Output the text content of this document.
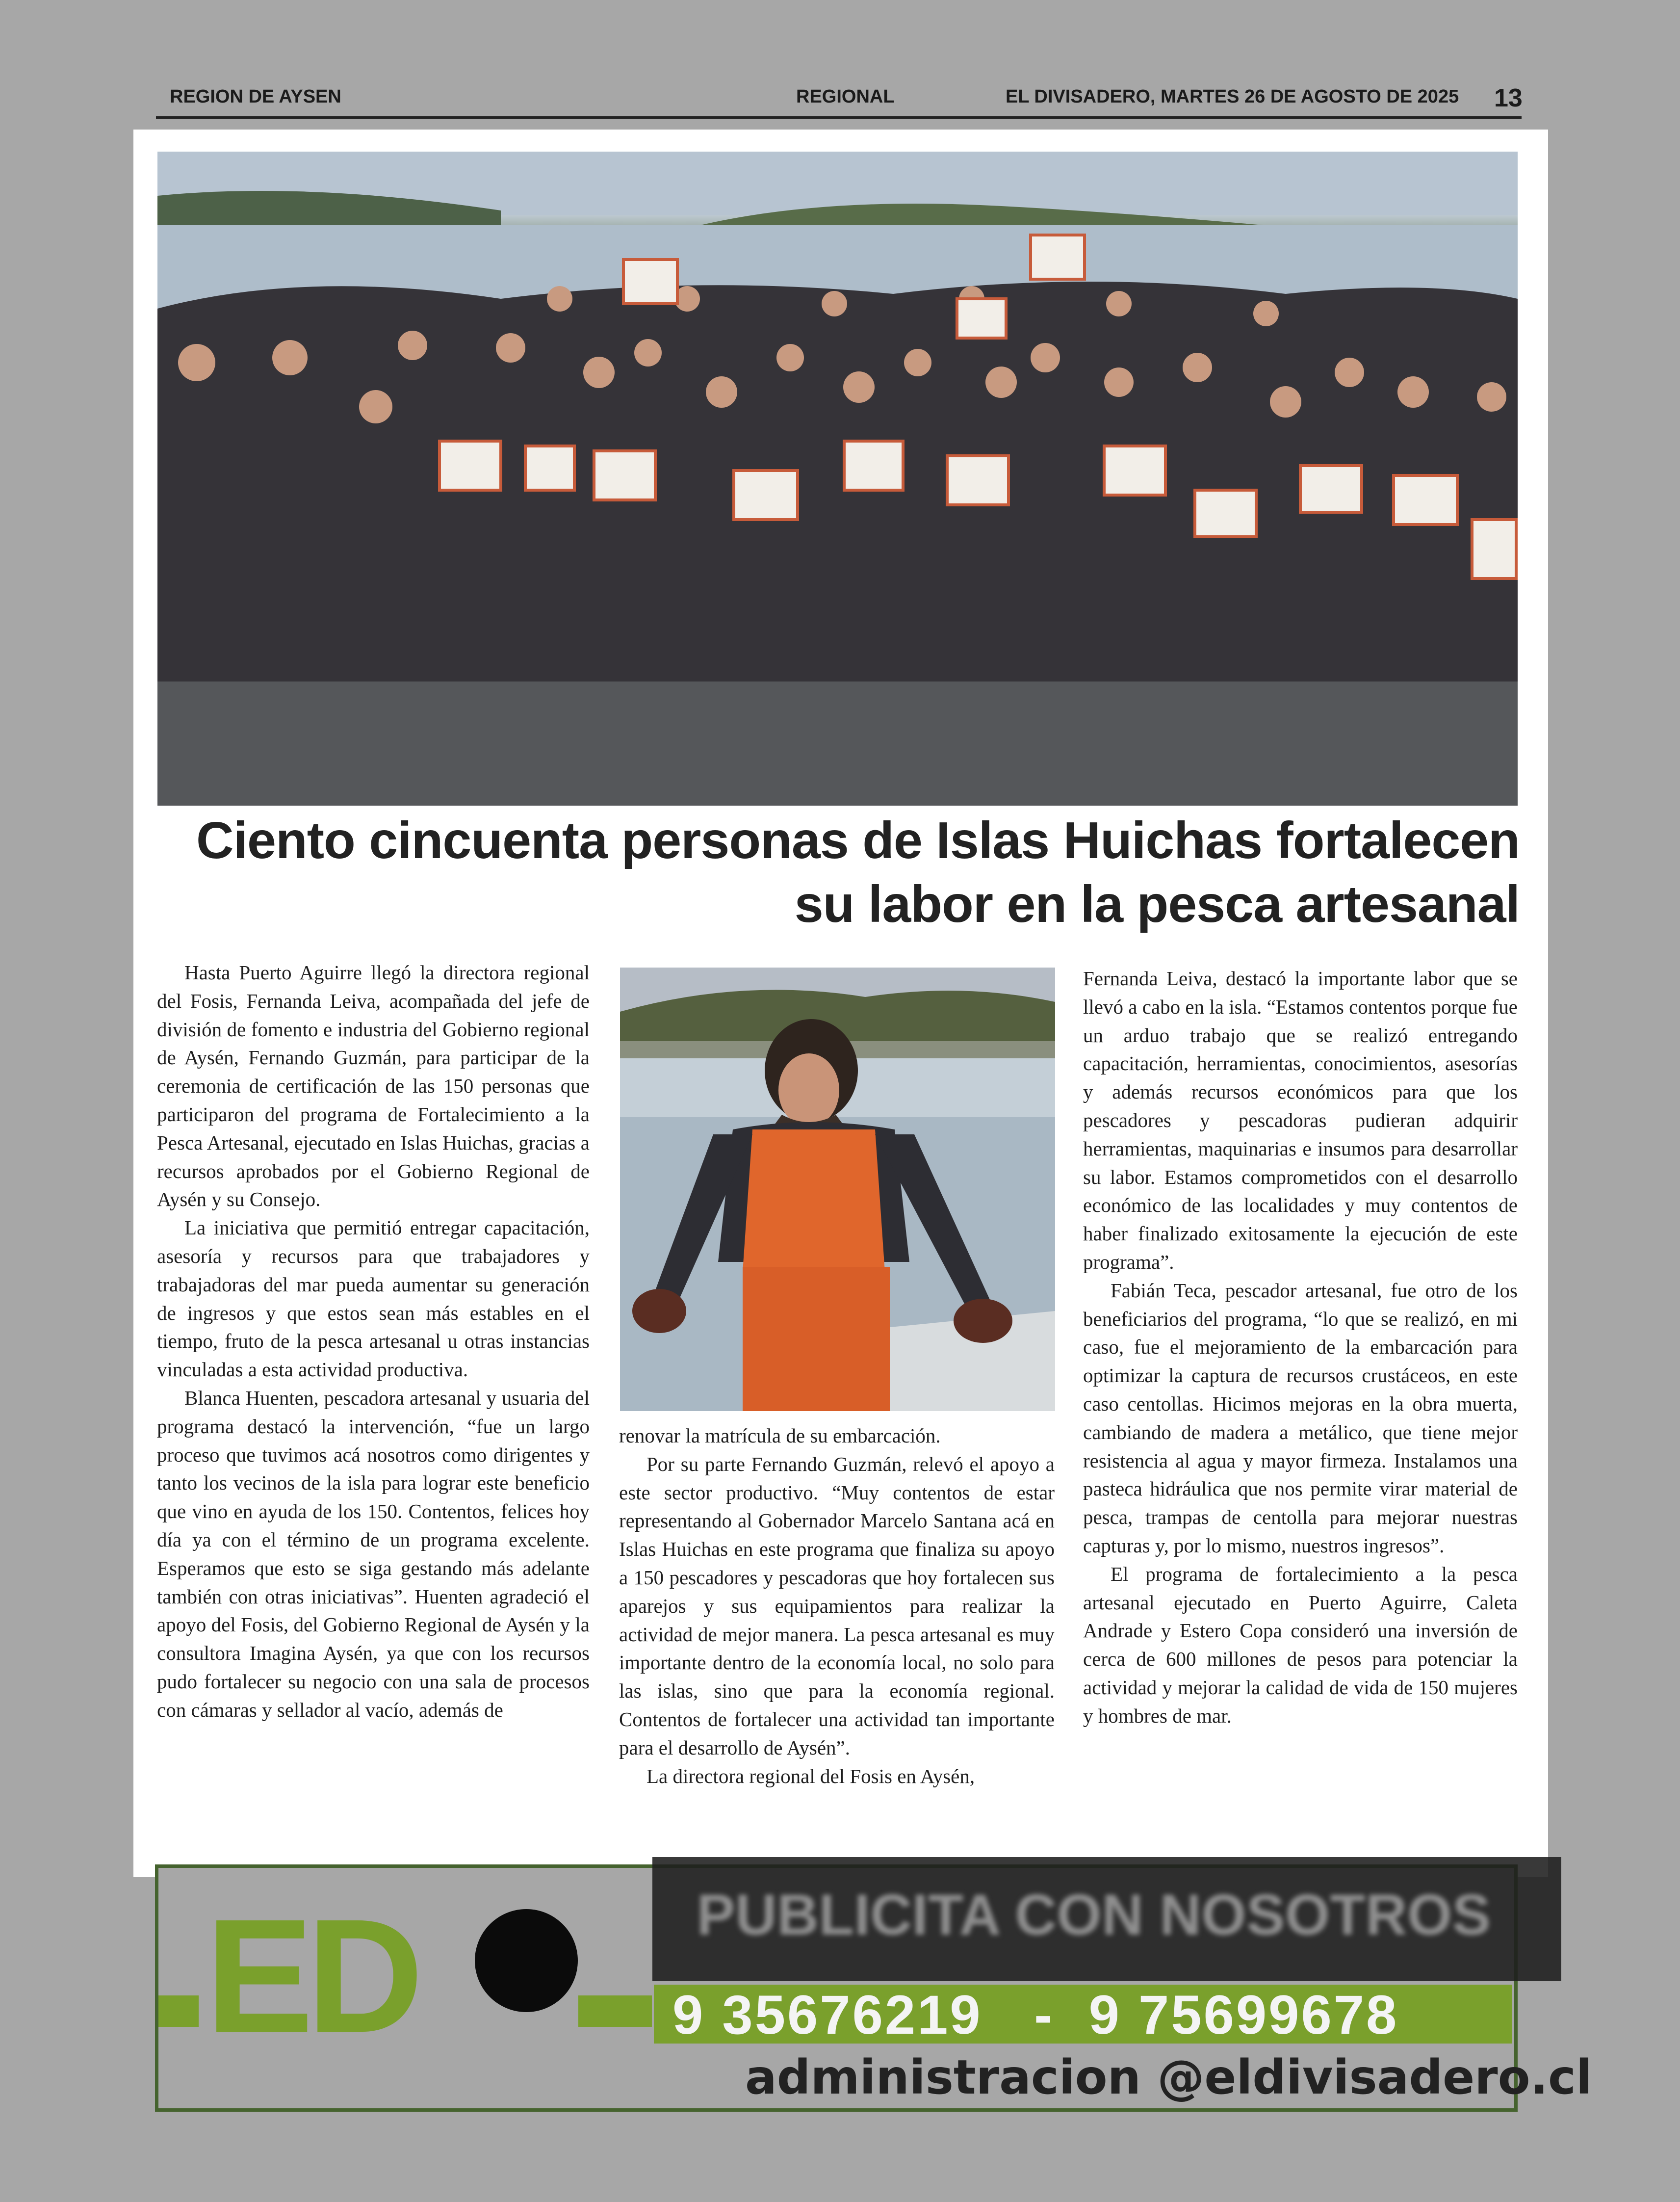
REGION DE AYSEN	REGIONAL	EL DIVISADERO, MARTES 26 DE AGOSTO DE 2025 13
Ciento cincuenta personas de Islas Huichas fortalecen
su labor en la pesca artesanal

Hasta Puerto Aguirre llegó la directora regional del Fosis, Fernanda Leiva, acompañada del jefe de división de fomento e industria del Gobierno regional de Aysén, Fernando Guzmán, para participar de la ceremonia de certificación de las 150 personas que participaron del programa de Fortalecimiento a la Pesca Artesanal, ejecutado en Islas Huichas, gracias a recursos aprobados por el Gobierno Regional de Aysén y su Consejo.

La iniciativa que permitió entregar capacitación, asesoría y recursos para que trabajadores y trabajadoras del mar pueda aumentar su generación de ingresos y que estos sean más estables en el tiempo, fruto de la pesca artesanal u otras instancias vinculadas a esta actividad productiva.

Blanca Huenten, pescadora artesanal y usuaria del programa destacó la intervención, “fue un largo proceso que tuvimos acá nosotros como dirigentes y tanto los vecinos de la isla para lograr este beneficio que vino en ayuda de los 150. Contentos, felices hoy día ya con el término de un programa excelente. Esperamos que esto se siga gestando más adelante también con otras iniciativas”. Huenten agradeció el apoyo del Fosis, del Gobierno Regional de Aysén y la consultora Imagina Aysén, ya que con los recursos pudo fortalecer su negocio con una sala de procesos con cámaras y sellador al vacío, además de

renovar la matrícula de su embarcación.

Por su parte Fernando Guzmán, relevó el apoyo a este sector productivo. “Muy contentos de estar representando al Gobernador Marcelo Santana acá en Islas Huichas en este programa que finaliza su apoyo a 150 pescadores y pescadoras que hoy fortalecen sus aparejos y sus equipamientos para realizar la actividad de mejor manera. La pesca artesanal es muy importante dentro de la economía local, no solo para las islas, sino que para la economía regional. Contentos de fortalecer una actividad tan importante para el desarrollo de Aysén”.

La directora regional del Fosis en Aysén,

Fernanda Leiva, destacó la importante labor que se llevó a cabo en la isla. “Estamos contentos porque fue un arduo trabajo que se realizó entregando capacitación, herramientas, conocimientos, asesorías y además recursos económicos para que los pescadores y pescadoras pudieran adquirir herramientas, maquinarias e insumos para desarrollar su labor. Estamos comprometidos con el desarrollo económico de las localidades y muy contentos de haber finalizado exitosamente la ejecución de este programa”.

Fabián Teca, pescador artesanal, fue otro de los beneficiarios del programa, “lo que se realizó, en mi caso, fue el mejoramiento de la embarcación para optimizar la captura de recursos crustáceos, en este caso centollas. Hicimos mejoras en la obra muerta, cambiando de madera a metálico, que tiene mejor resistencia al agua y mayor firmeza. Instalamos una pasteca hidráulica que nos permite virar material de pesca, trampas de centolla para mejorar nuestras capturas y, por lo mismo, nuestros ingresos”.

El programa de fortalecimiento a la pesca artesanal ejecutado en Puerto Aguirre, Caleta Andrade y Estero Copa consideró una inversión de cerca de 600 millones de pesos para potenciar la actividad y mejorar la calidad de vida de 150 mujeres y hombres de mar.

ED	9 35676219   -  9 75699678
administracion @eldivisadero.cl
PUBLICITA CON NOSOTROS
